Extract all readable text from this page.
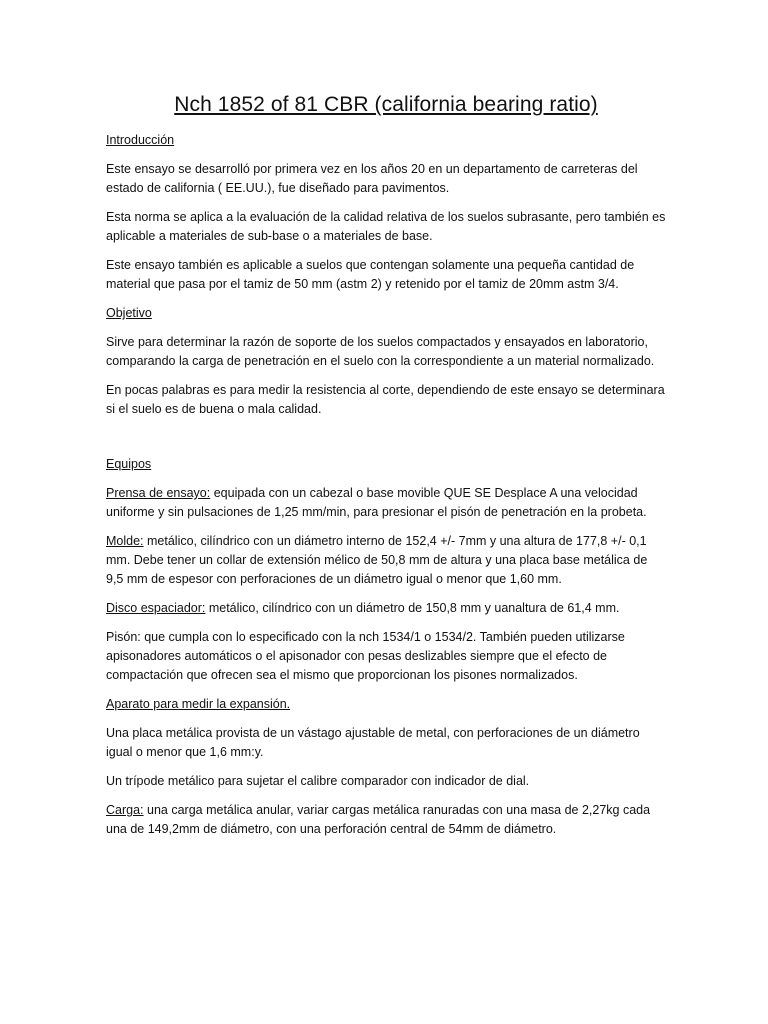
Nch 1852 of 81 CBR (california bearing ratio)
Introducción

Este ensayo se desarrolló por primera vez en los años 20 en un departamento de carreteras del estado de california ( EE.UU.), fue diseñado para pavimentos.

Esta norma se aplica a la evaluación de la calidad relativa de los suelos subrasante, pero también es aplicable a materiales de sub-base o a materiales de base.

Este ensayo también es aplicable a suelos que contengan solamente una pequeña cantidad de material que pasa por el tamiz de 50 mm (astm 2) y retenido por el tamiz de 20mm astm 3/4.

Objetivo

Sirve para determinar la razón de soporte de los suelos compactados y ensayados en laboratorio, comparando la carga de penetración en el suelo con la correspondiente a un material normalizado.

En pocas palabras es para medir la resistencia al corte, dependiendo de este ensayo se determinara si el suelo es de buena o mala calidad.

Equipos

Prensa de ensayo: equipada con un cabezal o base movible QUE SE Desplace A una velocidad uniforme y sin pulsaciones de 1,25 mm/min, para presionar el pisón de penetración en la probeta.

Molde: metálico, cilíndrico con un diámetro interno de 152,4 +/- 7mm y una altura de 177,8 +/- 0,1 mm. Debe tener un collar de extensión mélico de 50,8 mm de altura y una placa base metálica de 9,5 mm de espesor con perforaciones de un diámetro igual o menor que 1,60 mm.

Disco espaciador: metálico, cilíndrico con un diámetro de 150,8 mm y uanaltura de 61,4 mm.

Pisón: que cumpla con lo especificado con la nch 1534/1 o 1534/2. También pueden utilizarse apisonadores automáticos o el apisonador con pesas deslizables siempre que el efecto de compactación que ofrecen sea el mismo que proporcionan los pisones normalizados.

Aparato para medir la expansión.

Una placa metálica provista de un vástago ajustable de metal, con perforaciones de un diámetro igual o menor que 1,6 mm:y.

Un trípode metálico para sujetar el calibre comparador con indicador de dial.

Carga: una carga metálica anular, variar cargas metálica ranuradas con una masa de 2,27kg cada una de 149,2mm de diámetro, con una perforación central de 54mm de diámetro.
